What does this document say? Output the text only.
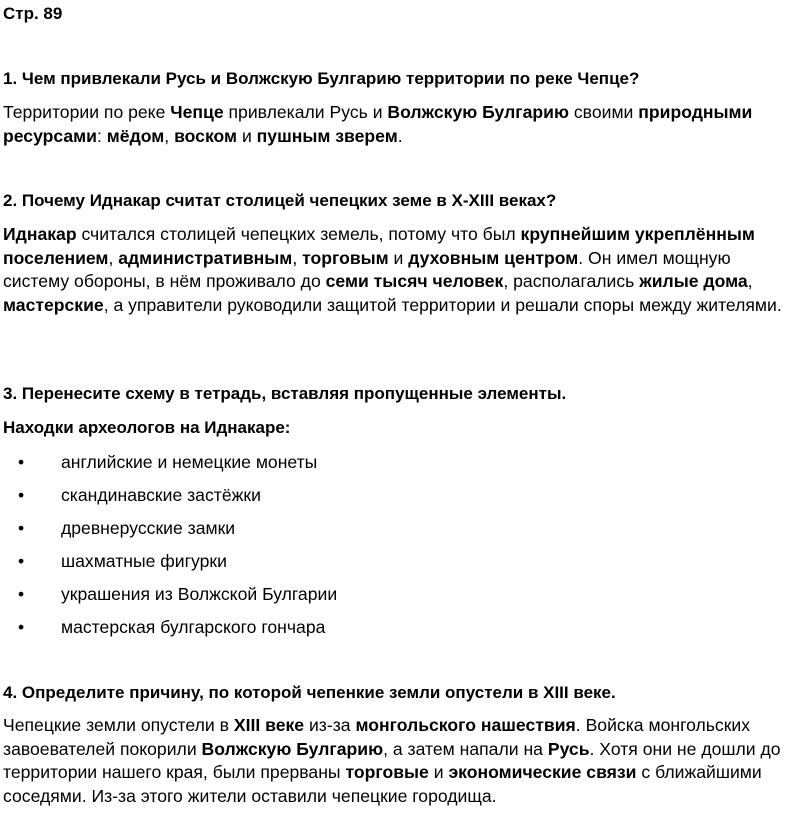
Стр. 89
1. Чем привлекали Русь и Волжскую Булгарию территории по реке Чепце?
Территории по реке Чепце привлекали Русь и Волжскую Булгарию своими природными ресурсами: мёдом, воском и пушным зверем.
2. Почему Иднакар считат столицей чепецких земе в X-XIII веках?
Иднакар считался столицей чепецких земель, потому что был крупнейшим укреплённым поселением, административным, торговым и духовным центром. Он имел мощную систему обороны, в нём проживало до семи тысяч человек, располагались жилые дома, мастерские, а управители руководили защитой территории и решали споры между жителями.
3. Перенесите схему в тетрадь, вставляя пропущенные элементы.
Находки археологов на Иднакаре:
• английские и немецкие монеты
• скандинавские застёжки
• древнерусские замки
• шахматные фигурки
• украшения из Волжской Булгарии
• мастерская булгарского гончара
4. Определите причину, по которой чепенкие земли опустели в XIII веке.
Чепецкие земли опустели в XIII веке из-за монгольского нашествия. Войска монгольских завоевателей покорили Волжскую Булгарию, а затем напали на Русь. Хотя они не дошли до территории нашего края, были прерваны торговые и экономические связи с ближайшими соседями. Из-за этого жители оставили чепецкие городища.
